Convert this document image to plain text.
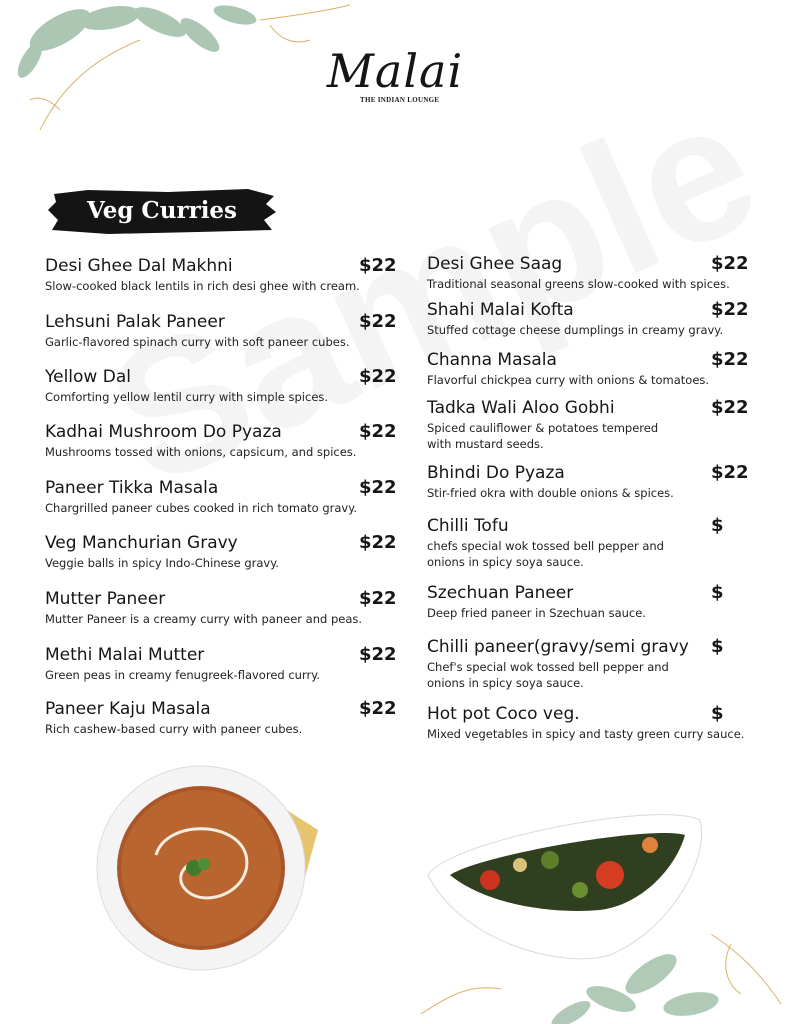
Malai
THE INDIAN LOUNGE
Veg Curries
Desi Ghee Dal Makhni	$22
Slow-cooked black lentils in rich desi ghee with cream.
Lehsuni Palak Paneer	$22
Garlic-flavored spinach curry with soft paneer cubes.
Yellow Dal	$22
Comforting yellow lentil curry with simple spices.
Kadhai Mushroom Do Pyaza	$22
Mushrooms tossed with onions, capsicum, and spices.
Paneer Tikka Masala	$22
Chargrilled paneer cubes cooked in rich tomato gravy.
Veg Manchurian Gravy	$22
Veggie balls in spicy Indo-Chinese gravy.
Mutter Paneer	$22
Mutter Paneer is a creamy curry with paneer and peas.
Methi Malai Mutter	$22
Green peas in creamy fenugreek-flavored curry.
Paneer Kaju Masala	$22
Rich cashew-based curry with paneer cubes.
Desi Ghee Saag	$22
Traditional seasonal greens slow-cooked with spices.
Shahi Malai Kofta	$22
Stuffed cottage cheese dumplings in creamy gravy.
Channa Masala	$22
Flavorful chickpea curry with onions & tomatoes.
Tadka Wali Aloo Gobhi	$22
Spiced cauliflower & potatoes tempered
with mustard seeds.
Bhindi Do Pyaza	$22
Stir-fried okra with double onions & spices.
Chilli Tofu	$
chefs special wok tossed bell pepper and
onions in spicy soya sauce.
Szechuan Paneer	$
Deep fried paneer in Szechuan sauce.
Chilli paneer(gravy/semi gravy	$
Chef's special wok tossed bell pepper and
onions in spicy soya sauce.
Hot pot Coco veg.	$
Mixed vegetables in spicy and tasty green curry sauce.
